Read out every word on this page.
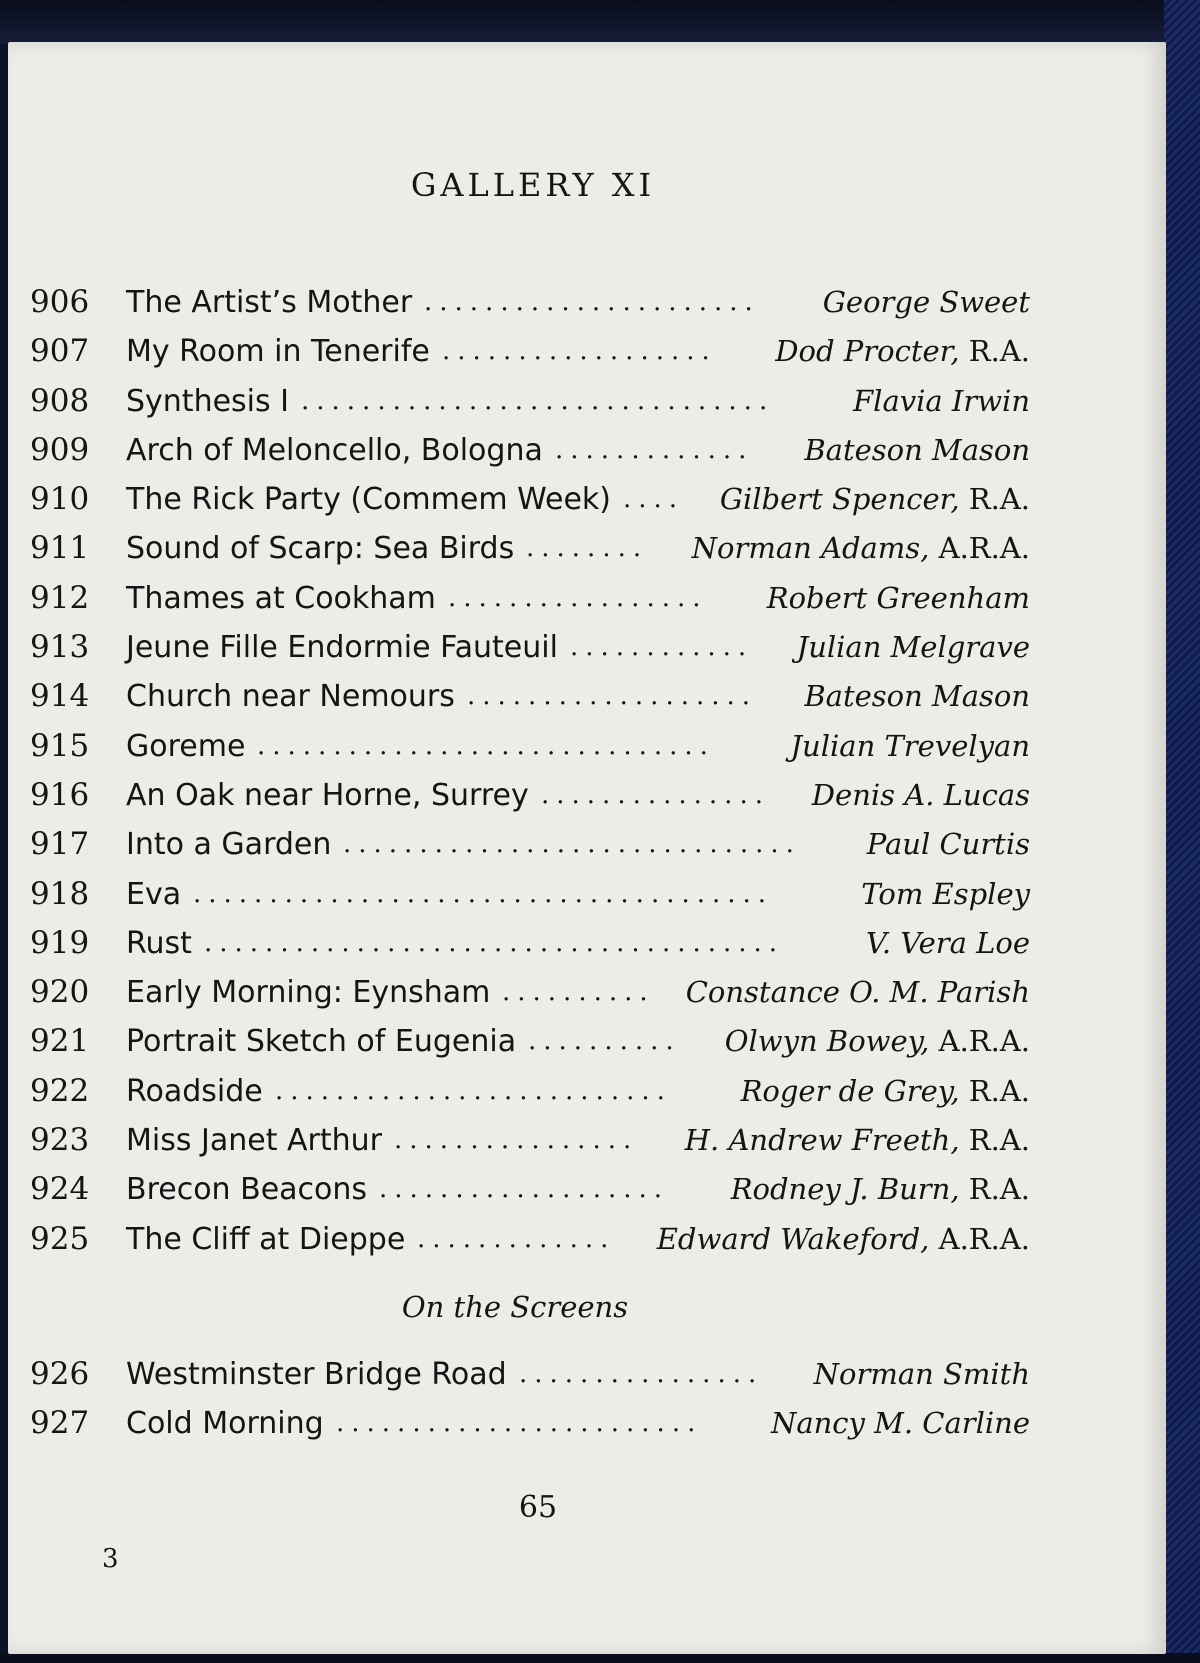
GALLERY XI
906 The Artist’s Mother ...................... George Sweet
907 My Room in Tenerife .................. Dod Procter, R.A.
908 Synthesis I ...............................	Flavia Irwin
909 Arch of Meloncello, Bologna ............. Bateson Mason
910 The Rick Party (Commem Week) .... Gilbert Spencer, R.A.
911 Sound of Scarp: Sea Birds ........ Norman Adams, A.R.A.
912 Thames at Cookham ................. Robert Greenham
913 Jeune Fille Endormie Fauteuil ............ Julian Melgrave
914 Church near Nemours ................... Bateson Mason
915 Goreme ..............................	Julian Trevelyan
916 An Oak near Horne, Surrey ............... Denis A. Lucas
917 Into a Garden .............................. Paul Curtis
918 Eva ......................................	Tom Espley
919 Rust ......................................	V. Vera Loe
920 Early Morning: Eynsham .......... Constance O. M. Parish
921 Portrait Sketch of Eugenia .......... Olwyn Bowey, A.R.A.
922 Roadside .......................... Roger de Grey, R.A.
923 Miss Janet Arthur ................ H. Andrew Freeth, R.A.
924 Brecon Beacons ................... Rodney J. Burn, R.A.
925 The Cliff at Dieppe ............. Edward Wakeford, A.R.A.
On the Screens
926 Westminster Bridge Road ................ Norman Smith
927 Cold Morning ........................ Nancy M. Carline
65
3
